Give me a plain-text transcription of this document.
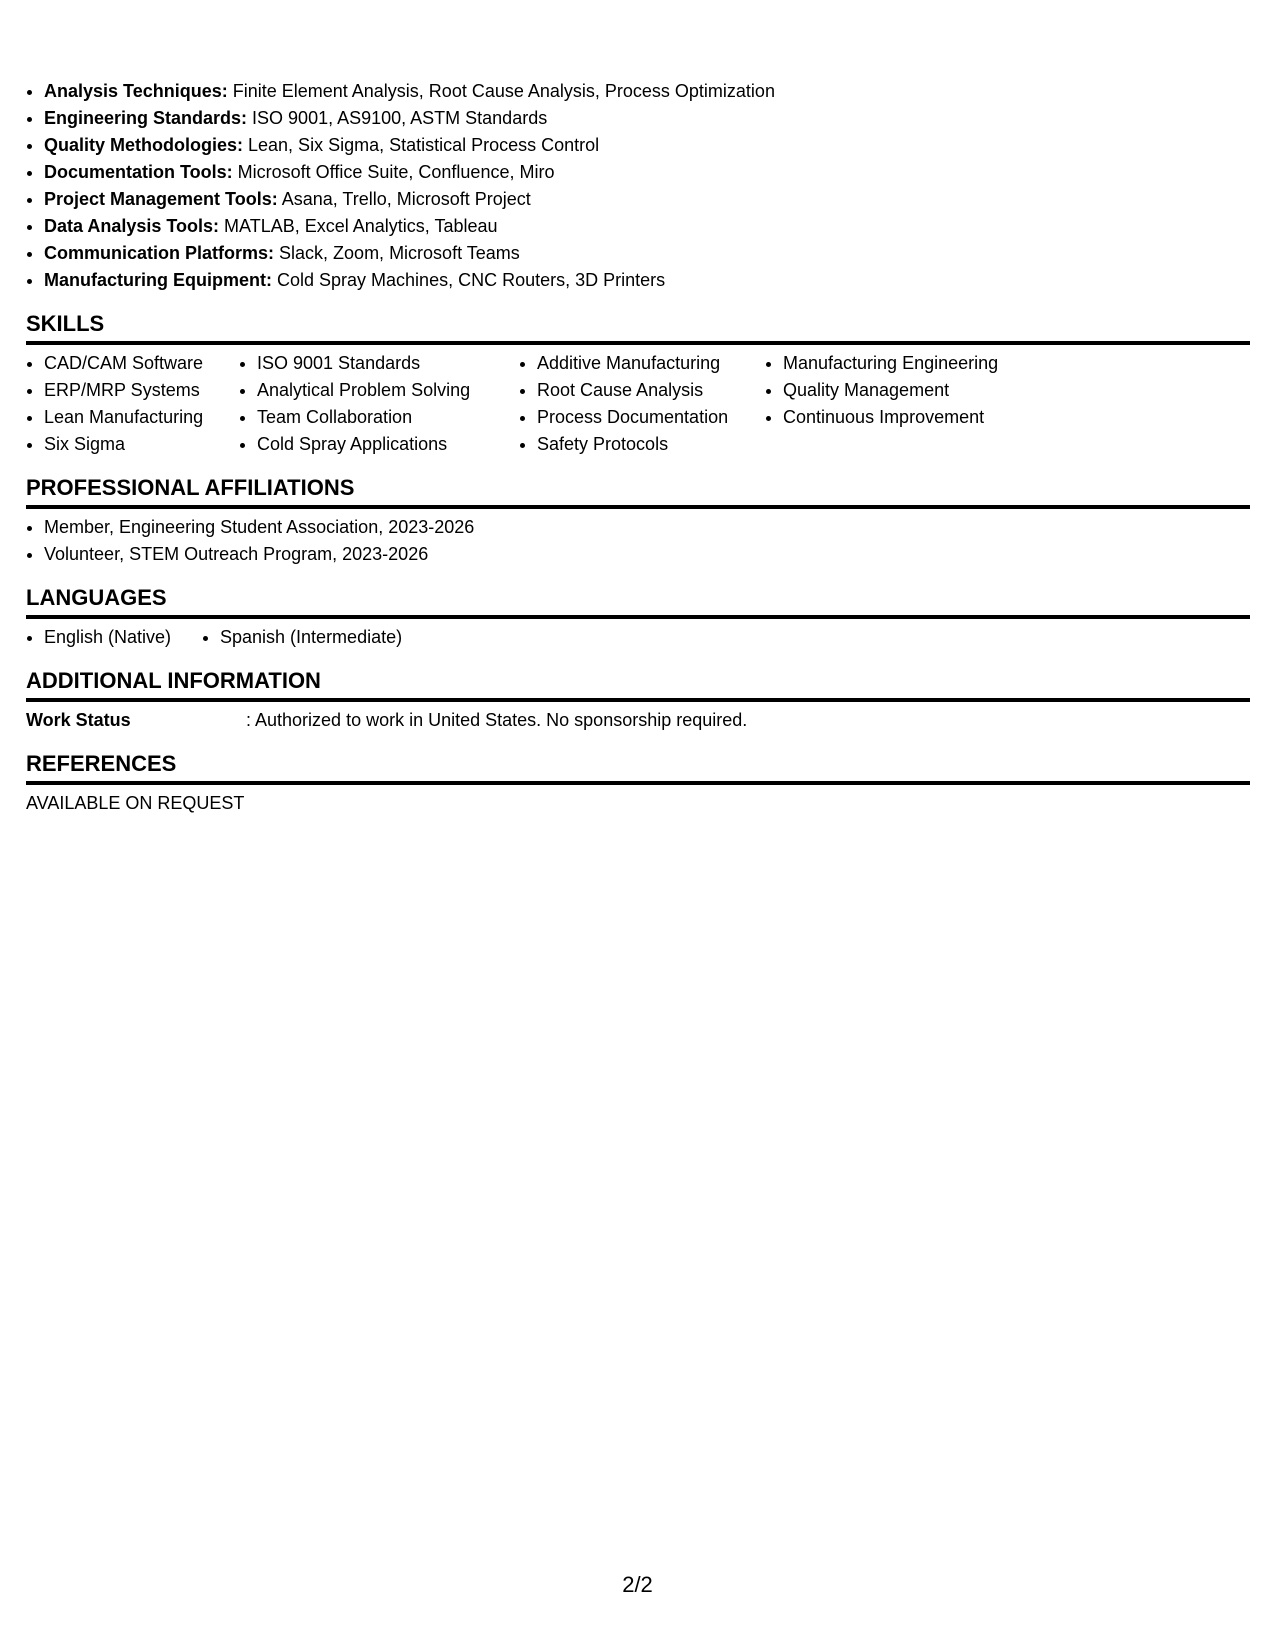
• Analysis Techniques: Finite Element Analysis, Root Cause Analysis, Process Optimization
• Engineering Standards: ISO 9001, AS9100, ASTM Standards
• Quality Methodologies: Lean, Six Sigma, Statistical Process Control
• Documentation Tools: Microsoft Office Suite, Confluence, Miro
• Project Management Tools: Asana, Trello, Microsoft Project
• Data Analysis Tools: MATLAB, Excel Analytics, Tableau
• Communication Platforms: Slack, Zoom, Microsoft Teams
• Manufacturing Equipment: Cold Spray Machines, CNC Routers, 3D Printers
SKILLS
• CAD/CAM Software
• ERP/MRP Systems
• Lean Manufacturing
• Six Sigma
• ISO 9001 Standards
• Analytical Problem Solving
• Team Collaboration
• Cold Spray Applications
• Additive Manufacturing
• Root Cause Analysis
• Process Documentation
• Safety Protocols
• Manufacturing Engineering
• Quality Management
• Continuous Improvement
PROFESSIONAL AFFILIATIONS
• Member, Engineering Student Association, 2023-2026
• Volunteer, STEM Outreach Program, 2023-2026
LANGUAGES
• English (Native)
•	Spanish (Intermediate)
ADDITIONAL INFORMATION
Work Status	: Authorized to work in United States. No sponsorship required.
REFERENCES
AVAILABLE ON REQUEST
2/2
